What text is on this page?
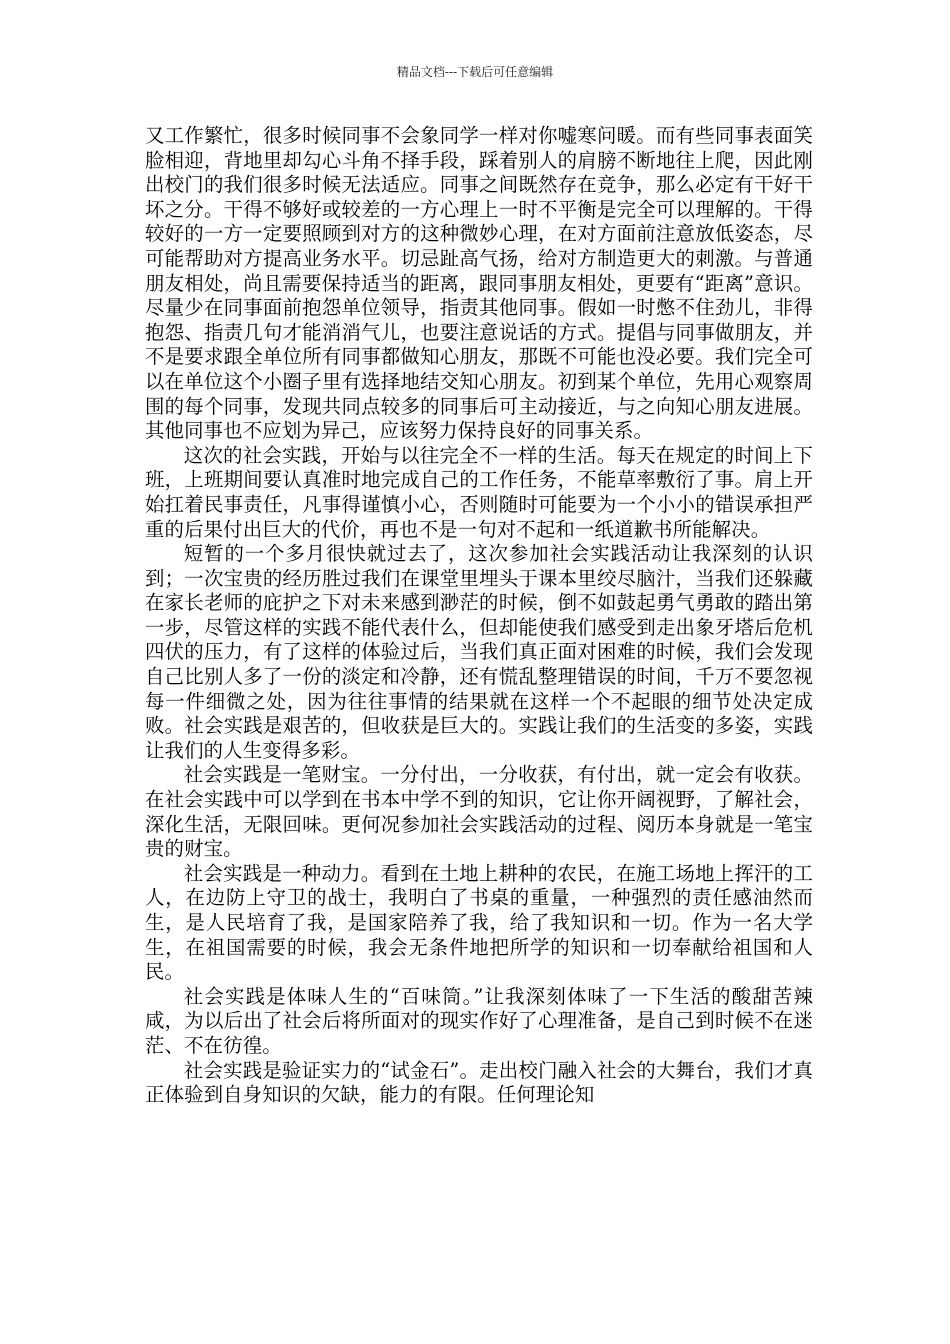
精品文档---下载后可任意编辑

又工作繁忙，很多时候同事不会象同学一样对你嘘寒问暖。而有些同事表面笑脸相迎，背地里却勾心斗角不择手段，踩着别人的肩膀不断地往上爬，因此刚出校门的我们很多时候无法适应。同事之间既然存在竞争，那么必定有干好干坏之分。干得不够好或较差的一方心理上一时不平衡是完全可以理解的。干得较好的一方一定要照顾到对方的这种微妙心理，在对方面前注意放低姿态，尽可能帮助对方提高业务水平。切忌趾高气扬，给对方制造更大的刺激。与普通朋友相处，尚且需要保持适当的距离，跟同事朋友相处，更要有“距离”意识。尽量少在同事面前抱怨单位领导，指责其他同事。假如一时憋不住劲儿，非得抱怨、指责几句才能消消气儿，也要注意说话的方式。提倡与同事做朋友，并不是要求跟全单位所有同事都做知心朋友，那既不可能也没必要。我们完全可以在单位这个小圈子里有选择地结交知心朋友。初到某个单位，先用心观察周围的每个同事，发现共同点较多的同事后可主动接近，与之向知心朋友进展。其他同事也不应划为异己，应该努力保持良好的同事关系。

这次的社会实践，开始与以往完全不一样的生活。每天在规定的时间上下班，上班期间要认真准时地完成自己的工作任务，不能草率敷衍了事。肩上开始扛着民事责任，凡事得谨慎小心，否则随时可能要为一个小小的错误承担严重的后果付出巨大的代价，再也不是一句对不起和一纸道歉书所能解决。

短暂的一个多月很快就过去了，这次参加社会实践活动让我深刻的认识到；一次宝贵的经历胜过我们在课堂里埋头于课本里绞尽脑汁，当我们还躲藏在家长老师的庇护之下对未来感到渺茫的时候，倒不如鼓起勇气勇敢的踏出第一步，尽管这样的实践不能代表什么，但却能使我们感受到走出象牙塔后危机四伏的压力，有了这样的体验过后，当我们真正面对困难的时候，我们会发现自己比别人多了一份的淡定和冷静，还有慌乱整理错误的时间，千万不要忽视每一件细微之处，因为往往事情的结果就在这样一个不起眼的细节处决定成败。社会实践是艰苦的，但收获是巨大的。实践让我们的生活变的多姿，实践让我们的人生变得多彩。

社会实践是一笔财宝。一分付出，一分收获，有付出，就一定会有收获。在社会实践中可以学到在书本中学不到的知识，它让你开阔视野，了解社会，深化生活，无限回味。更何况参加社会实践活动的过程、阅历本身就是一笔宝贵的财宝。

社会实践是一种动力。看到在土地上耕种的农民，在施工场地上挥汗的工人，在边防上守卫的战士，我明白了书桌的重量，一种强烈的责任感油然而生，是人民培育了我，是国家陪养了我，给了我知识和一切。作为一名大学生，在祖国需要的时候，我会无条件地把所学的知识和一切奉献给祖国和人民。

社会实践是体味人生的“百味筒。”让我深刻体味了一下生活的酸甜苦辣咸，为以后出了社会后将所面对的现实作好了心理准备，是自己到时候不在迷茫、不在彷徨。

社会实践是验证实力的“试金石”。走出校门融入社会的大舞台，我们才真正体验到自身知识的欠缺，能力的有限。任何理论知
